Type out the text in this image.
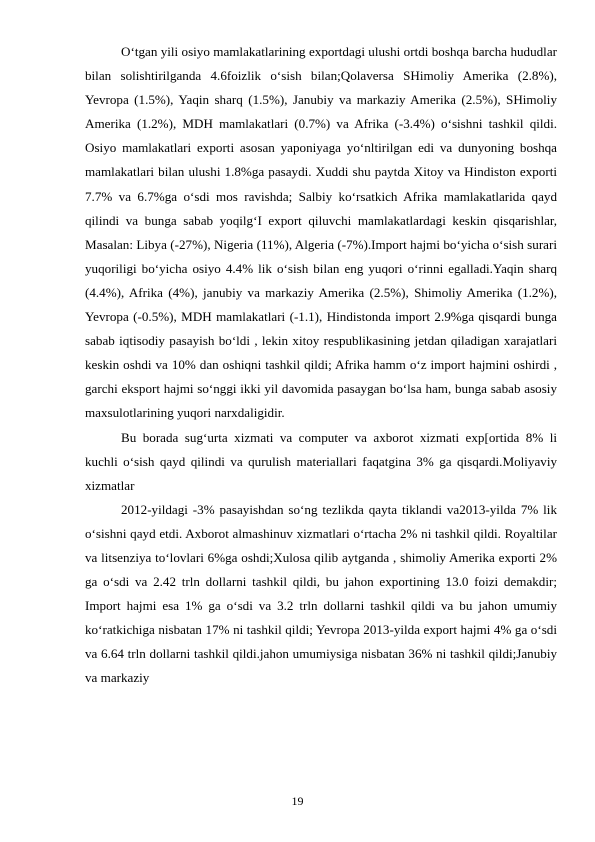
O‘tgan yili osiyo mamlakatlarining exportdagi ulushi ortdi boshqa barcha hududlar bilan solishtirilganda 4.6foizlik o‘sish bilan;Qolaversa SHimoliy Amerika (2.8%), Yevropa (1.5%), Yaqin sharq (1.5%), Janubiy va markaziy Amerika (2.5%), SHimoliy Amerika (1.2%), MDH mamlakatlari (0.7%) va Afrika (-3.4%) o‘sishni tashkil qildi. Osiyo mamlakatlari exporti asosan yaponiyaga yo‘nltirilgan edi va dunyoning boshqa mamlakatlari bilan ulushi 1.8%ga pasaydi. Xuddi shu paytda Xitoy va Hindiston exporti 7.7% va 6.7%ga o‘sdi mos ravishda; Salbiy ko‘rsatkich Afrika mamlakatlarida qayd qilindi va bunga sabab yoqilg‘I export qiluvchi mamlakatlardagi keskin qisqarishlar, Masalan: Libya (-27%), Nigeria (11%), Algeria (-7%).Import hajmi bo‘yicha o‘sish surari yuqoriligi bo‘yicha osiyo 4.4% lik o‘sish bilan eng yuqori o‘rinni egalladi.Yaqin sharq (4.4%), Afrika (4%), janubiy va markaziy Amerika (2.5%), Shimoliy Amerika (1.2%), Yevropa (-0.5%), MDH mamlakatlari (-1.1), Hindistonda import 2.9%ga qisqardi bunga sabab iqtisodiy pasayish bo‘ldi , lekin xitoy respublikasining jetdan qiladigan xarajatlari keskin oshdi va 10% dan oshiqni tashkil qildi; Afrika hamm o‘z import hajmini oshirdi , garchi eksport hajmi so‘nggi ikki yil davomida pasaygan bo‘lsa ham, bunga sabab asosiy maxsulotlarining yuqori narxdaligidir.

Bu borada sug‘urta xizmati va computer va axborot xizmati exp[ortida 8% li kuchli o‘sish qayd qilindi va qurulish materiallari faqatgina 3% ga qisqardi.Moliyaviy xizmatlar

2012-yildagi -3% pasayishdan so‘ng tezlikda qayta tiklandi va2013-yilda 7% lik o‘sishni qayd etdi. Axborot almashinuv xizmatlari o‘rtacha 2% ni tashkil qildi. Royaltilar va litsenziya to‘lovlari 6%ga oshdi;Xulosa qilib aytganda , shimoliy Amerika exporti 2% ga o‘sdi va 2.42 trln dollarni tashkil qildi, bu jahon exportining 13.0 foizi demakdir; Import hajmi esa 1% ga o‘sdi va 3.2 trln dollarni tashkil qildi va bu jahon umumiy ko‘ratkichiga nisbatan 17% ni tashkil qildi; Yevropa 2013-yilda export hajmi 4% ga o‘sdi va 6.64 trln dollarni tashkil qildi.jahon umumiysiga nisbatan 36% ni tashkil qildi;Janubiy va markaziy

19
